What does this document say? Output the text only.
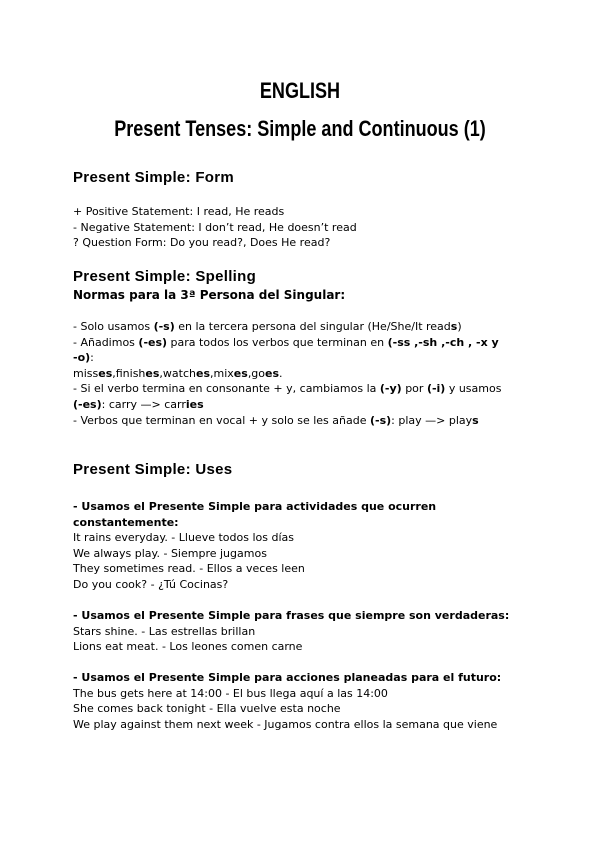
ENGLISH
Present Tenses: Simple and Continuous (1)
Present Simple: Form
+ Positive Statement: I read, He reads
- Negative Statement: I don’t read, He doesn’t read
? Question Form: Do you read?, Does He read?
Present Simple: Spelling
Normas para la 3ª Persona del Singular:
- Solo usamos (-s) en la tercera persona del singular (He/She/It reads)
- Añadimos (-es) para todos los verbos que terminan en (-ss ,-sh ,-ch , -x y
-o):
misses,finishes,watches,mixes,goes.
- Si el verbo termina en consonante + y, cambiamos la (-y) por (-i) y usamos
(-es): carry —> carries
- Verbos que terminan en vocal + y solo se les añade (-s): play —> plays
Present Simple: Uses
- Usamos el Presente Simple para actividades que ocurren
constantemente:
It rains everyday. - Llueve todos los días
We always play. - Siempre jugamos
They sometimes read. - Ellos a veces leen
Do you cook? - ¿Tú Cocinas?
- Usamos el Presente Simple para frases que siempre son verdaderas:
Stars shine. - Las estrellas brillan
Lions eat meat. - Los leones comen carne
- Usamos el Presente Simple para acciones planeadas para el futuro:
The bus gets here at 14:00 - El bus llega aquí a las 14:00
She comes back tonight - Ella vuelve esta noche
We play against them next week - Jugamos contra ellos la semana que viene
